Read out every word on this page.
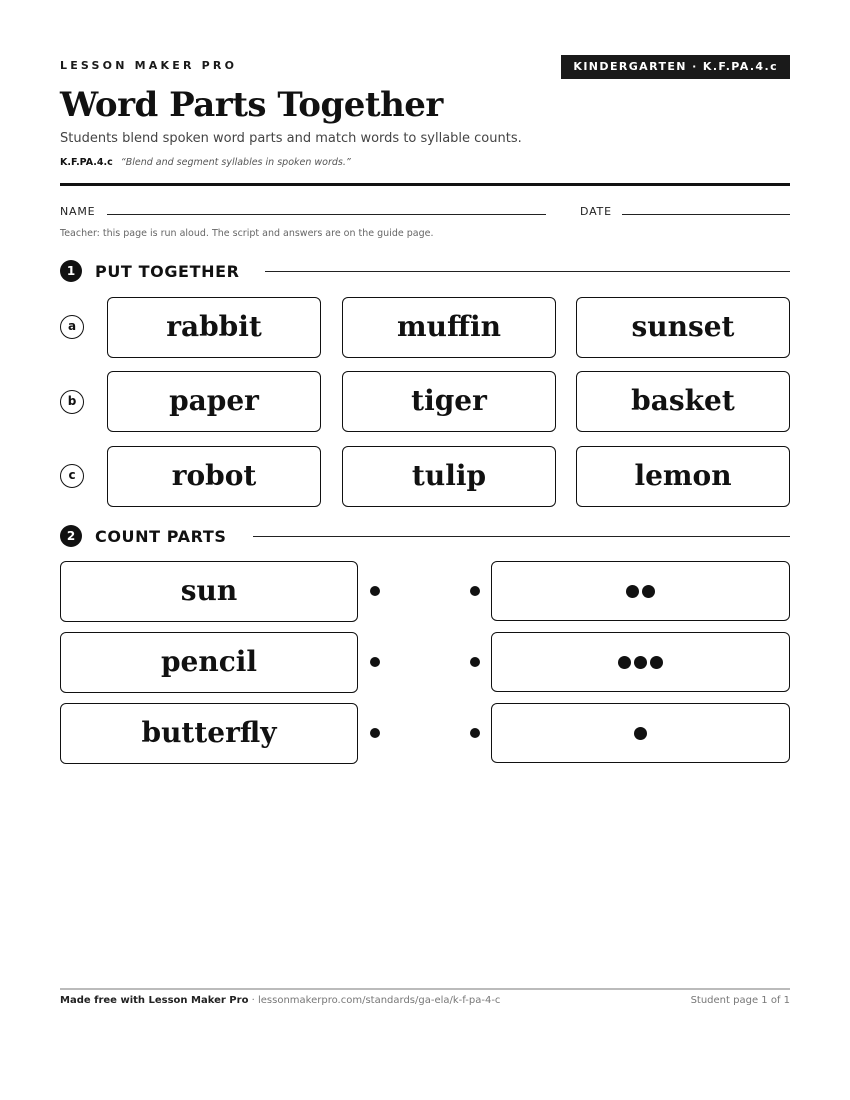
LESSON MAKER PRO	KINDERGARTEN · K.F.PA.4.c
Word Parts Together
Students blend spoken word parts and match words to syllable counts.
K.F.PA.4.c “Blend and segment syllables in spoken words.”
NAME	DATE
Teacher: this page is run aloud. The script and answers are on the guide page.
1	PUT TOGETHER
a	rabbit	muffin	sunset
b	paper	tiger	basket
c	robot	tulip	lemon
2	COUNT PARTS
sun
pencil
butterfly
Made free with Lesson Maker Pro · lessonmakerpro.com/standards/ga-ela/k-f-pa-4-c	Student page 1 of 1
